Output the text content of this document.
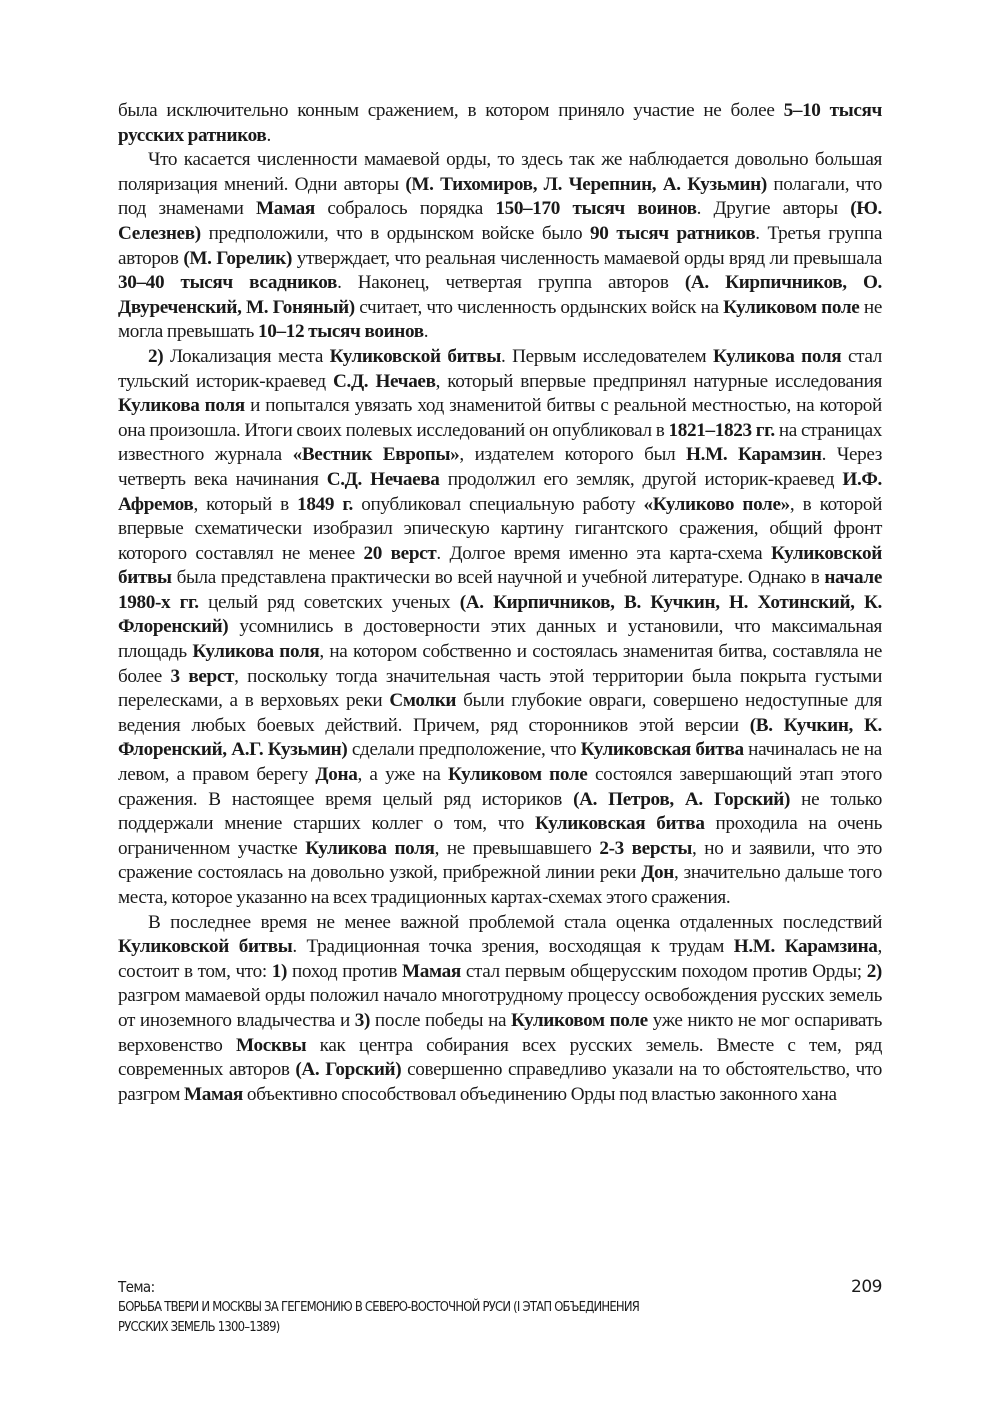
была исключительно конным сражением, в котором приняло участие не более 5–10 тысяч русских ратников.

Что касается численности мамаевой орды, то здесь так же наблюдается довольно большая поляризация мнений. Одни авторы (М. Тихомиров, Л. Черепнин, А. Кузьмин) полагали, что под знаменами Мамая собралось порядка 150–170 тысяч воинов. Другие авторы (Ю. Селезнев) предположили, что в ордынском войске было 90 тысяч ратников. Третья группа авторов (М. Горелик) утверждает, что реальная численность мамаевой орды вряд ли превышала 30–40 тысяч всадников. Наконец, четвертая группа авторов (А. Кирпичников, О. Двуреченский, М. Гоняный) считает, что численность ордынских войск на Куликовом поле не могла превышать 10–12 тысяч воинов.

2) Локализация места Куликовской битвы. Первым исследователем Куликова поля стал тульский историк-краевед С.Д. Нечаев, который впервые предпринял натурные исследования Куликова поля и попытался увязать ход знаменитой битвы с реальной местностью, на которой она произошла. Итоги своих полевых исследований он опубликовал в 1821–1823 гг. на страницах известного журнала «Вестник Европы», издателем которого был Н.М. Карамзин. Через четверть века начинания С.Д. Нечаева продолжил его земляк, другой историк-краевед И.Ф. Афремов, который в 1849 г. опубликовал специальную работу «Куликово поле», в которой впервые схематически изобразил эпическую картину гигантского сражения, общий фронт которого составлял не менее 20 верст. Долгое время именно эта карта-схема Куликовской битвы была представлена практически во всей научной и учебной литературе. Однако в начале 1980-х гг. целый ряд советских ученых (А. Кирпичников, В. Кучкин, Н. Хотинский, К. Флоренский) усомнились в достоверности этих данных и установили, что максимальная площадь Куликова поля, на котором собственно и состоялась знаменитая битва, составляла не более 3 верст, поскольку тогда значительная часть этой территории была покрыта густыми перелесками, а в верховьях реки Смолки были глубокие овраги, совершено недоступные для ведения любых боевых действий. Причем, ряд сторонников этой версии (В. Кучкин, К. Флоренский, А.Г. Кузьмин) сделали предположение, что Куликовская битва начиналась не на левом, а правом берегу Дона, а уже на Куликовом поле состоялся завершающий этап этого сражения. В настоящее время целый ряд историков (А. Петров, А. Горский) не только поддержали мнение старших коллег о том, что Куликовская битва проходила на очень ограниченном участке Куликова поля, не превышавшего 2-3 версты, но и заявили, что это сражение состоялась на довольно узкой, прибрежной линии реки Дон, значительно дальше того места, которое указанно на всех традиционных картах-схемах этого сражения.

В последнее время не менее важной проблемой стала оценка отдаленных последствий Куликовской битвы. Традиционная точка зрения, восходящая к трудам Н.М. Карамзина, состоит в том, что: 1) поход против Мамая стал первым общерусским походом против Орды; 2) разгром мамаевой орды положил начало многотрудному процессу освобождения русских земель от иноземного владычества и 3) после победы на Куликовом поле уже никто не мог оспаривать верховенство Москвы как центра собирания всех русских земель. Вместе с тем, ряд современных авторов (А. Горский) совершенно справедливо указали на то обстоятельство, что разгром Мамая объективно способствовал объединению Орды под властью законного хана

Тема:
БОРЬБА ТВЕРИ И МОСКВЫ ЗА ГЕГЕМОНИЮ В СЕВЕРО-ВОСТОЧНОЙ РУСИ (I ЭТАП ОБЪЕДИНЕНИЯ
РУССКИХ ЗЕМЕЛЬ 1300–1389)
209
